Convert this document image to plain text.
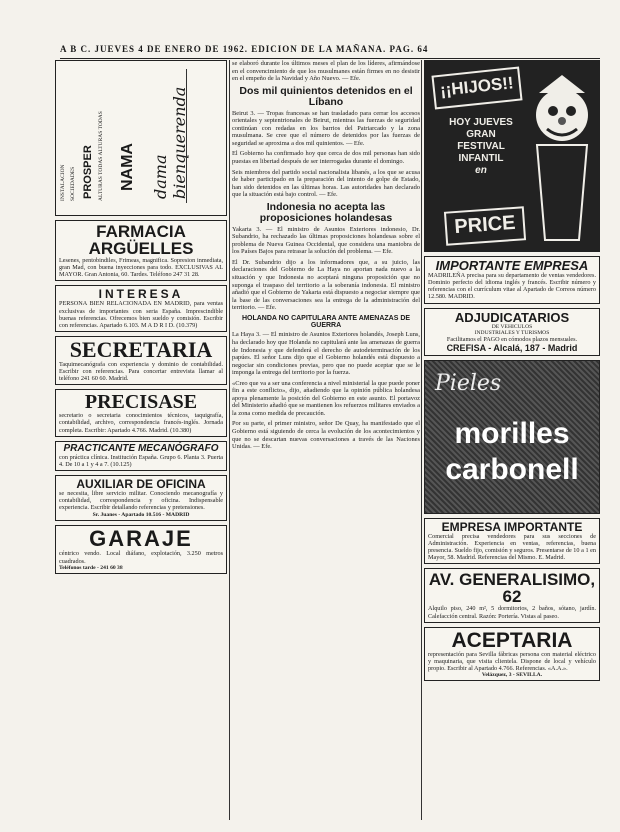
A B C. JUEVES 4 DE ENERO DE 1962. EDICION DE LA MAÑANA. PAG. 64
INSTALACION SOCIEDADES PROSPER ALTURAS TODAS ALTURAS TODAS NAMA dama bienquerenda
FARMACIA ARGÜELLES
Lesenes, pentobindiles, Frimeas, magnifica. Sopresion inmediata, gran Mad, con buena inyecciones para todo. EXCLUSIVAS AL MAYOR. Gran Antonia, 60. Tardes. Teléfono 247 31 28.
INTERESA
PERSONA BIEN RELACIONADA EN MADRID, para ventas exclusivas de importantes con seria España. Imprescindible buenas referencias. Ofrecemos bien sueldo y comisión. Escribir con referencias. Apartado 6.103. M A D R I D. (10.379)
SECRETARIA
Taquimecanógrafa con experiencia y dominio de contabilidad. Escribir con referencias. Para concertar entrevista llamar al teléfono 241 60 60. Madrid.
PRECISASE
secretario o secretaria conocimientos técnicos, taquigrafía, contabilidad, archivo, correspondencia francés-inglés. Jornada completa. Escribir: Apartado 4.766. Madrid. (10.380)
PRACTICANTE MECANÓGRAFO
con práctica clínica. Institución España. Grupo 6. Planta 3. Puerta 4. De 10 a 1 y 4 a 7. (10.125)
AUXILIAR DE OFICINA
se necesita, libre servicio militar. Conociendo mecanografía y contabilidad, correspondencia y oficina. Indispensable experiencia. Escribir detallando referencias y pretensiones.
Sr. Juanes - Apartado 10.516 - MADRID
GARAJE
céntrico vendo. Local diáfano, explotación, 3.250 metros cuadrados.
Teléfonos tarde - 241 60 38

se elaboró durante los últimos meses el plan de los líderes, afirmándose en el convencimiento de que los musulmanes están firmes en no desistir en el empeño de la Navidad y Año Nuevo. — Efe.

Dos mil quinientos detenidos en el Líbano

Beirut 3. — Tropas francesas se han trasladado para cerrar los accesos orientales y septentrionales de Beirut, mientras las fuerzas de seguridad continúan con redadas en los barrios del Patriarcado y la zona musulmana. Se cree que el número de detenidos por las fuerzas de seguridad se aproxima a dos mil quinientos. — Efe.

El Gobierno ha confirmado hoy que cerca de dos mil personas han sido puestas en libertad después de ser interrogadas durante el domingo.

Seis miembros del partido social nacionalista libanés, a los que se acusa de haber participado en la preparación del intento de golpe de Estado, han sido detenidos en las últimas horas. Las autoridades han declarado que la situación está bajo control. — Efe.

Indonesia no acepta las proposiciones holandesas

Yakarta 3. — El ministro de Asuntos Exteriores indonesio, Dr. Subandrio, ha rechazado las últimas proposiciones holandesas sobre el problema de Nueva Guinea Occidental, que considera una maniobra de los Países Bajos para retrasar la solución del problema. — Efe.

El Dr. Subandrio dijo a los informadores que, a su juicio, las declaraciones del Gobierno de La Haya no aportan nada nuevo a la situación y que Indonesia no aceptará ninguna proposición que no suponga el traspaso del territorio a la soberanía indonesia. El ministro añadió que el Gobierno de Yakarta está dispuesto a negociar siempre que la base de las conversaciones sea la entrega de la administración del territorio. — Efe.

HOLANDA NO CAPITULARA ANTE AMENAZAS DE GUERRA

La Haya 3. — El ministro de Asuntos Exteriores holandés, Joseph Luns, ha declarado hoy que Holanda no capitulará ante las amenazas de guerra de Indonesia y que defenderá el derecho de autodeterminación de los papúes. El señor Luns dijo que el Gobierno holandés está dispuesto a negociar sin condiciones previas, pero que no puede aceptar que se le imponga la entrega del territorio por la fuerza.

«Creo que va a ser una conferencia a nivel ministerial la que puede poner fin a este conflicto», dijo, añadiendo que la opinión pública holandesa apoya plenamente la posición del Gobierno en este asunto. El portavoz del Ministerio añadió que se mantienen los refuerzos militares enviados a la zona como medida de precaución.

Por su parte, el primer ministro, señor De Quay, ha manifestado que el Gobierno está siguiendo de cerca la evolución de los acontecimientos y que no se descartan nuevas conversaciones a través de las Naciones Unidas. — Efe.

¡¡HIJOS!!
HOY JUEVES
GRAN
FESTIVAL
INFANTIL
en
PRICE
IMPORTANTE EMPRESA
MADRILEÑA precisa para su departamento de ventas vendedores. Dominio perfecto del idioma inglés y francés. Escribir número y referencias con el currículum vitae al Apartado de Correos número 12.580. MADRID.
ADJUDICATARIOS
DE VEHICULOS
INDUSTRIALES Y TURISMOS
Facilitamos el PAGO en cómodos plazos mensuales.
CREFISA - Alcalá, 187 - Madrid
Pieles
morilles
carbonell
EMPRESA IMPORTANTE
Comercial precisa vendedores para sus secciones de Administración. Experiencia en ventas, referencias, buena presencia. Sueldo fijo, comisión y seguros. Presentarse de 10 a 1 en Mayor, 58. Madrid. Referencias del Mismo. E. Madrid.
AV. GENERALISIMO, 62
Alquilo piso, 240 m², 5 dormitorios, 2 baños, sótano, jardín. Calefacción central. Razón: Portería. Vistas al paseo.
ACEPTARIA
representación para Sevilla fábricas persona con material eléctrico y maquinaria, que visita clientela. Dispone de local y vehículo propio. Escribir al Apartado 4.766. Referencias. «A.A.».
Velázquez, 3 - SEVILLA.
